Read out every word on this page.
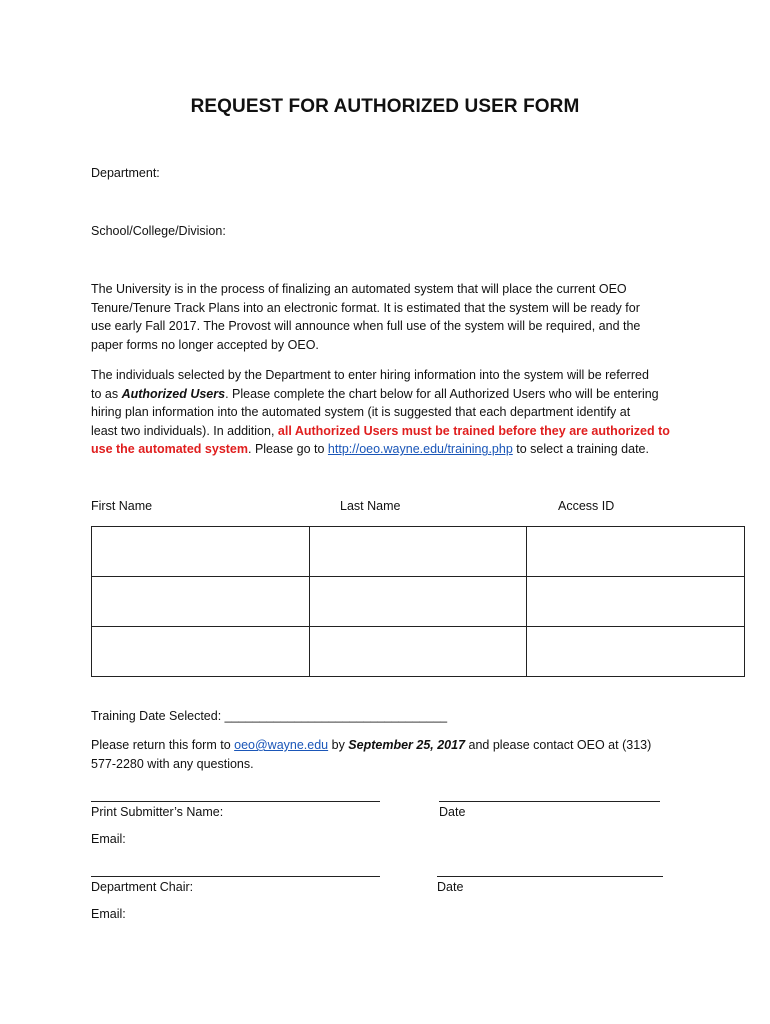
REQUEST FOR AUTHORIZED USER FORM
Department:
School/College/Division:

The University is in the process of finalizing an automated system that will place the current OEO

Tenure/Tenure Track Plans into an electronic format. It is estimated that the system will be ready for

use early Fall 2017. The Provost will announce when full use of the system will be required, and the

paper forms no longer accepted by OEO.

The individuals selected by the Department to enter hiring information into the system will be referred

to as Authorized Users. Please complete the chart below for all Authorized Users who will be entering

hiring plan information into the automated system (it is suggested that each department identify at

least two individuals). In addition, all Authorized Users must be trained before they are authorized to

use the automated system. Please go to http://oeo.wayne.edu/training.php to select a training date.

First Name	Last Name	Access ID

Training Date Selected: ________________________________
Please return this form to oeo@wayne.edu by September 25, 2017 and please contact OEO at (313)
577-2280 with any questions.
Print Submitter’s Name:	Date
Email:
Department Chair:	Date
Email:
